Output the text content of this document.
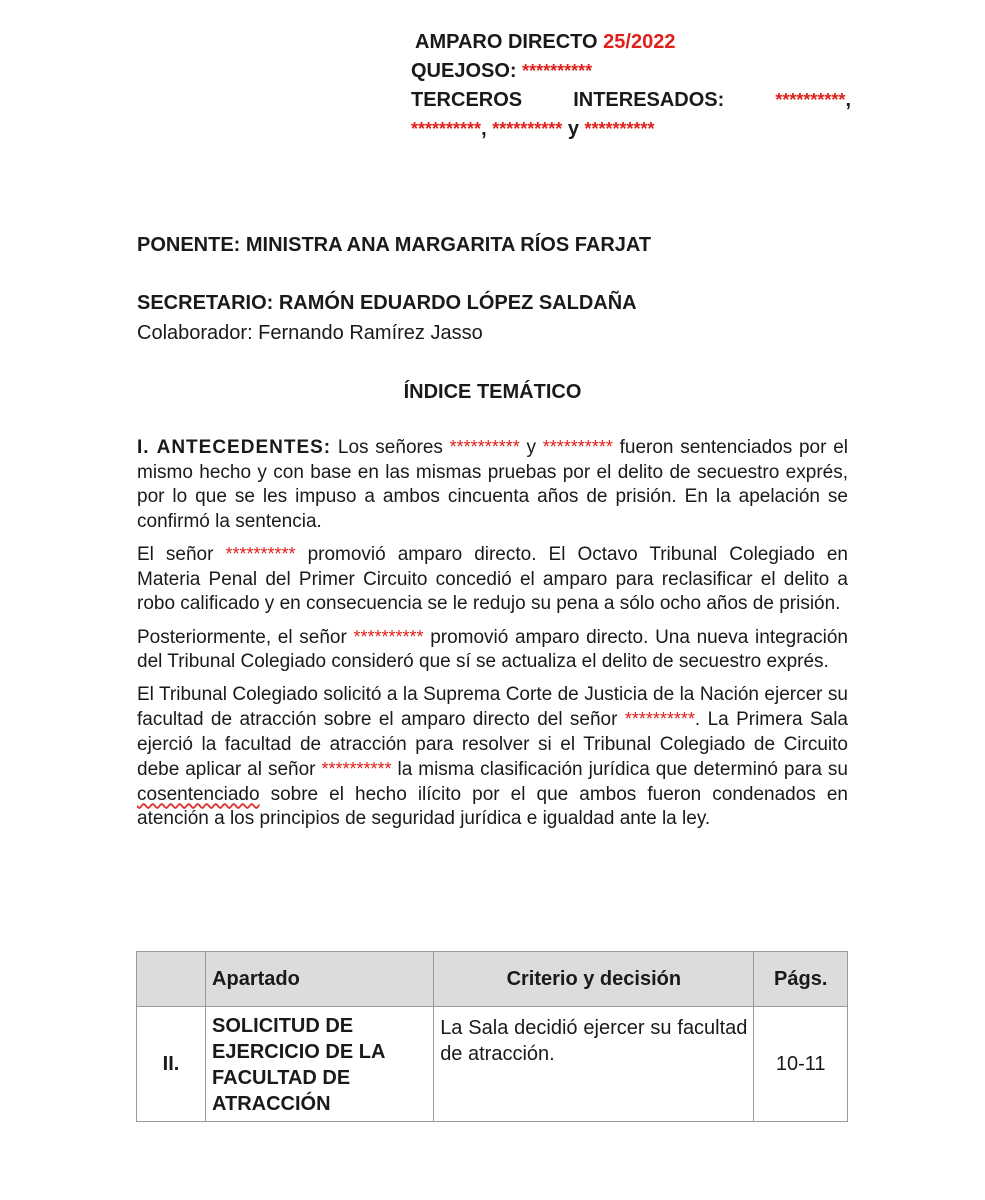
AMPARO DIRECTO 25/2022
QUEJOSO: **********
TERCEROS	INTERESADOS:	**********,
**********, ********** y **********
PONENTE: MINISTRA ANA MARGARITA RÍOS FARJAT
SECRETARIO: RAMÓN EDUARDO LÓPEZ SALDAÑA
Colaborador: Fernando Ramírez Jasso
ÍNDICE TEMÁTICO

I. ANTECEDENTES: Los señores ********** y ********** fueron sentenciados por el mismo hecho y con base en las mismas pruebas por el delito de secuestro exprés, por lo que se les impuso a ambos cincuenta años de prisión. En la apelación se confirmó la sentencia.

El señor ********** promovió amparo directo. El Octavo Tribunal Colegiado en Materia Penal del Primer Circuito concedió el amparo para reclasificar el delito a robo calificado y en consecuencia se le redujo su pena a sólo ocho años de prisión.

Posteriormente, el señor ********** promovió amparo directo. Una nueva integración del Tribunal Colegiado consideró que sí se actualiza el delito de secuestro exprés.

El Tribunal Colegiado solicitó a la Suprema Corte de Justicia de la Nación ejercer su facultad de atracción sobre el amparo directo del señor **********. La Primera Sala ejerció la facultad de atracción para resolver si el Tribunal Colegiado de Circuito debe aplicar al señor ********** la misma clasificación jurídica que determinó para su cosentenciado sobre el hecho ilícito por el que ambos fueron condenados en atención a los principios de seguridad jurídica e igualdad ante la ley.

	Apartado	Criterio y decisión	Págs.
II.	SOLICITUD DE EJERCICIO DE LA FACULTAD DE ATRACCIÓN	La Sala decidió ejercer su facultad de atracción.	10-11
